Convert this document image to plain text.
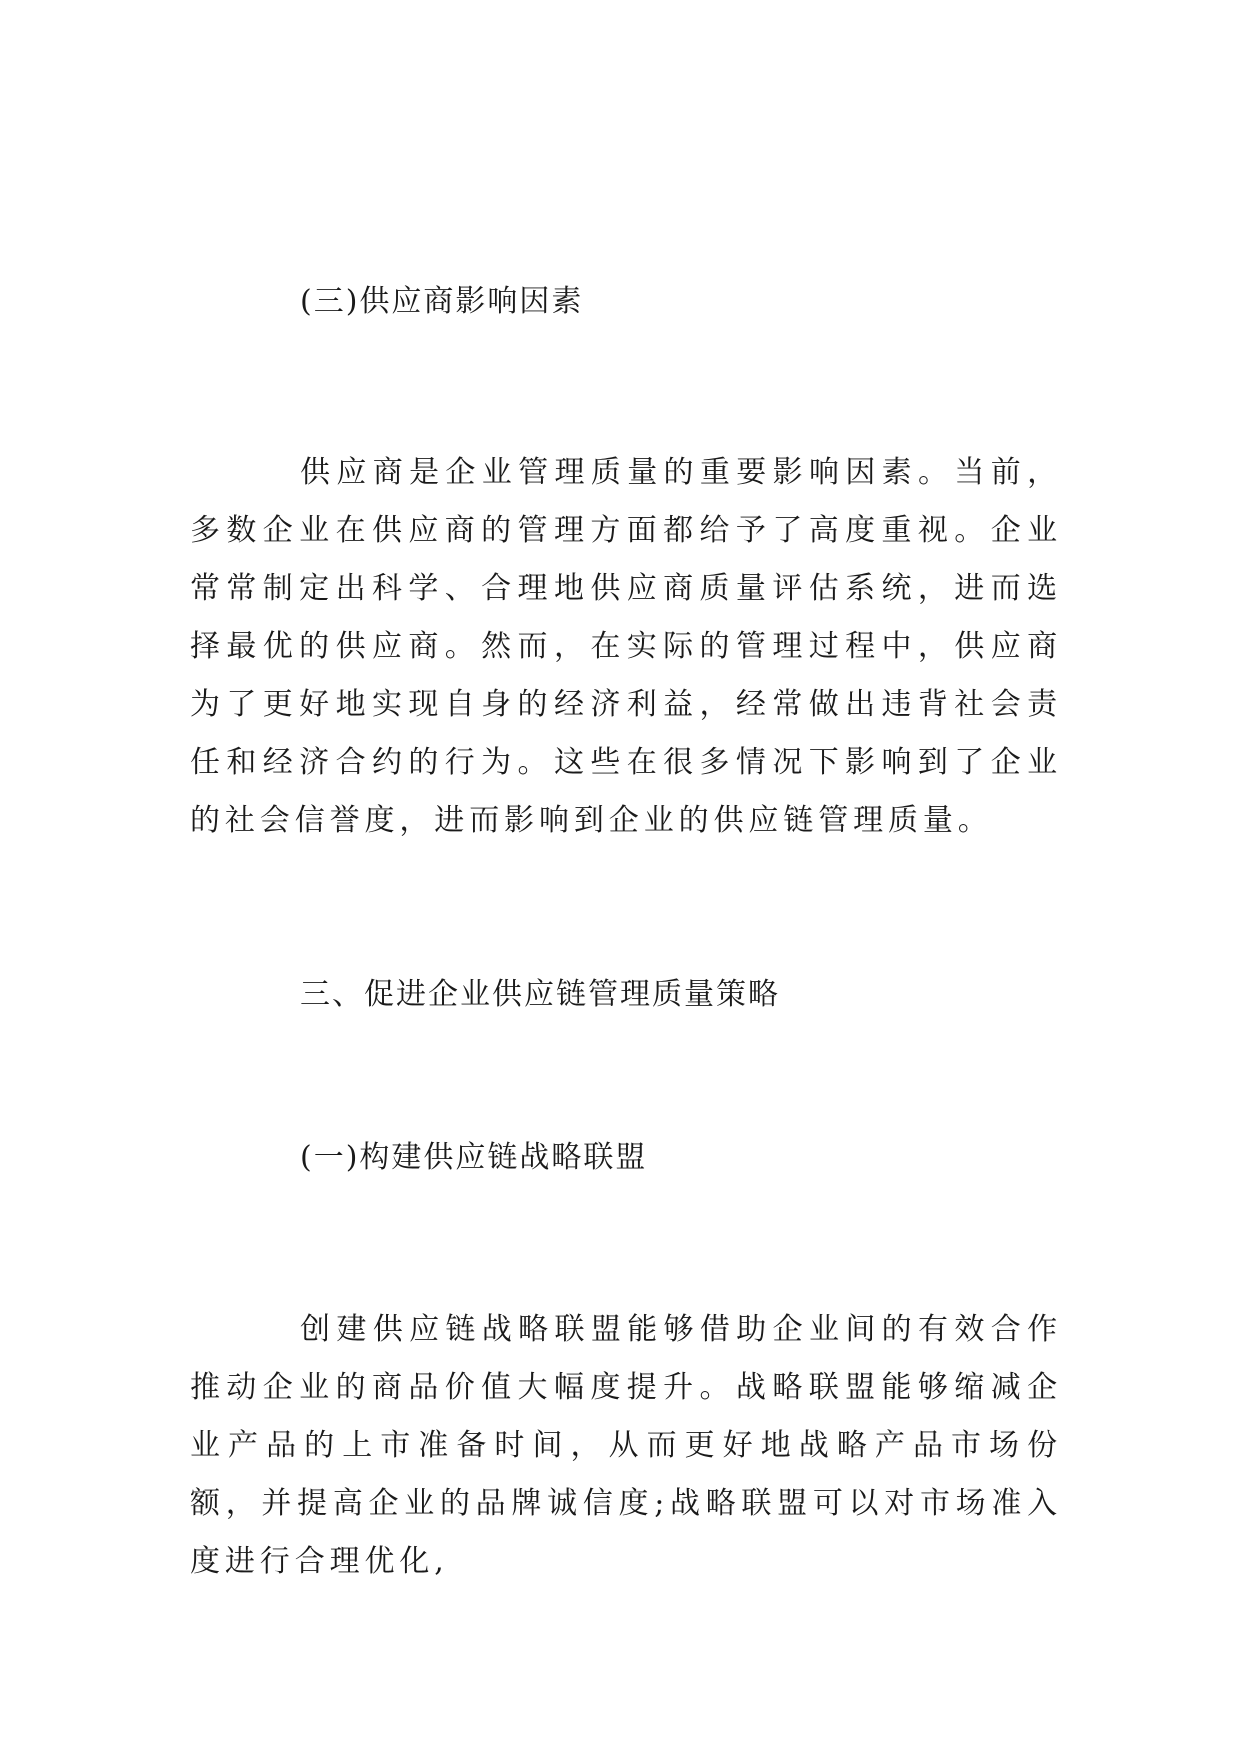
(三)供应商影响因素

供应商是企业管理质量的重要影响因素。当前，多数企业在供应商的管理方面都给予了高度重视。企业常常制定出科学、合理地供应商质量评估系统，进而选择最优的供应商。然而，在实际的管理过程中，供应商为了更好地实现自身的经济利益，经常做出违背社会责任和经济合约的行为。这些在很多情况下影响到了企业的社会信誉度，进而影响到企业的供应链管理质量。

三、促进企业供应链管理质量策略
(一)构建供应链战略联盟

创建供应链战略联盟能够借助企业间的有效合作推动企业的商品价值大幅度提升。战略联盟能够缩减企业产品的上市准备时间，从而更好地战略产品市场份额，并提高企业的品牌诚信度;战略联盟可以对市场准入度进行合理优化,
